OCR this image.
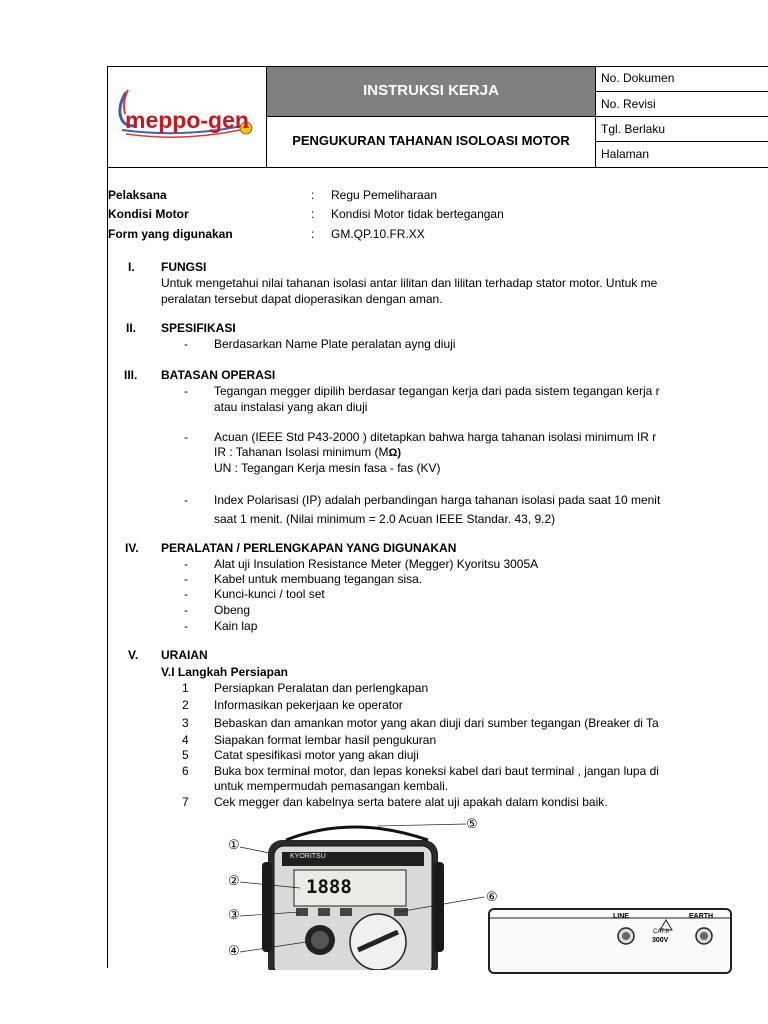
meppo-gen
INSTRUKSI KERJA
PENGUKURAN TAHANAN ISOLOASI MOTOR
No. Dokumen
No. Revisi
Tgl. Berlaku
Halaman
Pelaksana	: Regu Pemeliharaan
Kondisi Motor	: Kondisi Motor tidak bertegangan
Form yang digunakan	: GM.QP.10.FR.XX
I. FUNGSI
Untuk mengetahui nilai tahanan isolasi antar lilitan dan lilitan terhadap stator motor. Untuk me
peralatan tersebut dapat dioperasikan dengan aman.
II. SPESIFIKASI
- Berdasarkan Name Plate peralatan ayng diuji
III. BATASAN OPERASI
- Tegangan megger dipilih berdasar tegangan kerja dari pada sistem tegangan kerja r
atau instalasi yang akan diuji
- Acuan (IEEE Std P43-2000 ) ditetapkan bahwa harga tahanan isolasi minimum IR r
IR : Tahanan Isolasi minimum (MΩ)
UN : Tegangan Kerja mesin fasa - fas (KV)
- Index Polarisasi (IP) adalah perbandingan harga tahanan isolasi pada saat 10 menit
saat 1 menit. (Nilai minimum = 2.0 Acuan IEEE Standar. 43, 9.2)
IV. PERALATAN / PERLENGKAPAN YANG DIGUNAKAN
- Alat uji Insulation Resistance Meter (Megger) Kyoritsu 3005A
- Kabel untuk membuang tegangan sisa.
- Kunci-kunci / tool set
- Obeng
- Kain lap
V. URAIAN
V.I Langkah Persiapan
1 Persiapkan Peralatan dan perlengkapan
2 Informasikan pekerjaan ke operator
3 Bebaskan dan amankan motor yang akan diuji dari sumber tegangan (Breaker di Ta
4 Siapakan format lembar hasil pengukuran
5 Catat spesifikasi motor yang akan diuji
6 Buka box terminal motor, dan lepas koneksi kabel dari baut terminal , jangan lupa di
untuk mempermudah pemasangan kembali.
7 Cek megger dan kabelnya serta batere alat uji apakah dalam kondisi baik.
1888
KYORITSU
①
②
③
④
⑤
⑥
LINE	EARTH
CAT.II
300V
